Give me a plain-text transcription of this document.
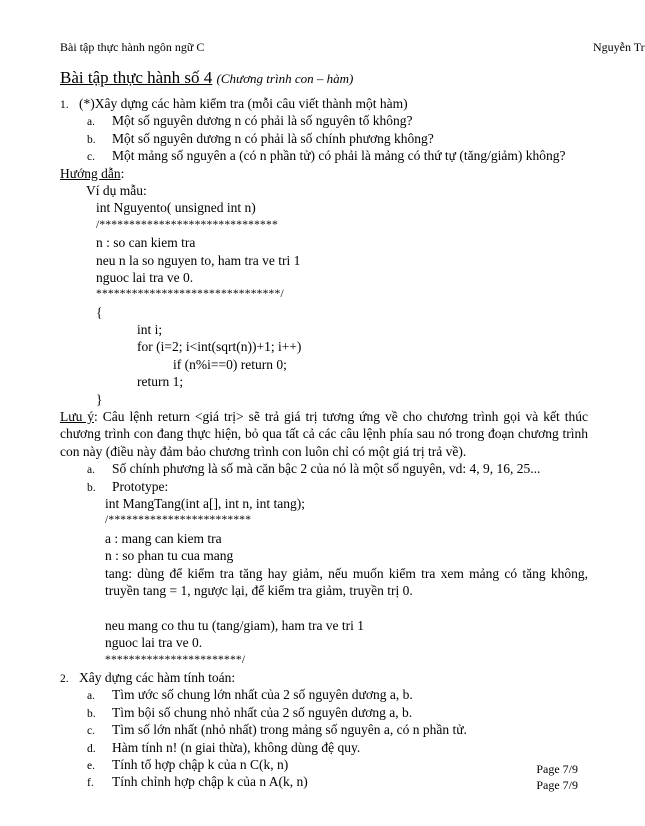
Bài tập thực hành ngôn ngữ C	Nguyễn Tr
Bài tập thực hành số 4 (Chương trình con – hàm)
1. (*)Xây dựng các hàm kiểm tra (mỗi câu viết thành một hàm)
a. Một số nguyên dương n có phải là số nguyên tố không?
b. Một số nguyên dương n có phải là số chính phương không?
c. Một mảng số nguyên a (có n phần tử) có phải là mảng có thứ tự (tăng/giảm) không?
Hướng dẫn:
Ví dụ mẫu:
int Nguyento( unsigned int n)
/******************************
n : so can kiem tra
neu n la so nguyen to, ham tra ve tri 1
nguoc lai tra ve 0.
*******************************/
{
int i;
for (i=2; i<int(sqrt(n))+1; i++)
if (n%i==0) return 0;
return 1;
}
Lưu ý: Câu lệnh return <giá trị> sẽ trả giá trị tương ứng về cho chương trình gọi và kết thúc chương trình con đang thực hiện, bỏ qua tất cả các câu lệnh phía sau nó trong đoạn chương trình con này (điều này đảm bảo chương trình con luôn chỉ có một giá trị trả về).
a. Số chính phương là số mà căn bậc 2 của nó là một số nguyên, vd: 4, 9, 16, 25...
b. Prototype:
int MangTang(int a[], int n, int tang);
/************************
a : mang can kiem tra
n : so phan tu cua mang
tang: dùng để kiểm tra tăng hay giảm, nếu muốn kiểm tra xem mảng có tăng không, truyền tang = 1, ngược lại, để kiểm tra giảm, truyền trị 0.
neu mang co thu tu (tang/giam), ham tra ve tri 1
nguoc lai tra ve 0.
***********************/
2. Xây dựng các hàm tính toán:
a. Tìm ước số chung lớn nhất của 2 số nguyên dương a, b.
b. Tìm bội số chung nhỏ nhất của 2 số nguyên dương a, b.
c. Tìm số lớn nhất (nhỏ nhất) trong mảng số nguyên a, có n phần tử.
d. Hàm tính n! (n giai thừa), không dùng đệ quy.
e. Tính tổ hợp chập k của n C(k, n)
f. Tính chỉnh hợp chập k của n A(k, n)
Page 7/9
Page 7/9
